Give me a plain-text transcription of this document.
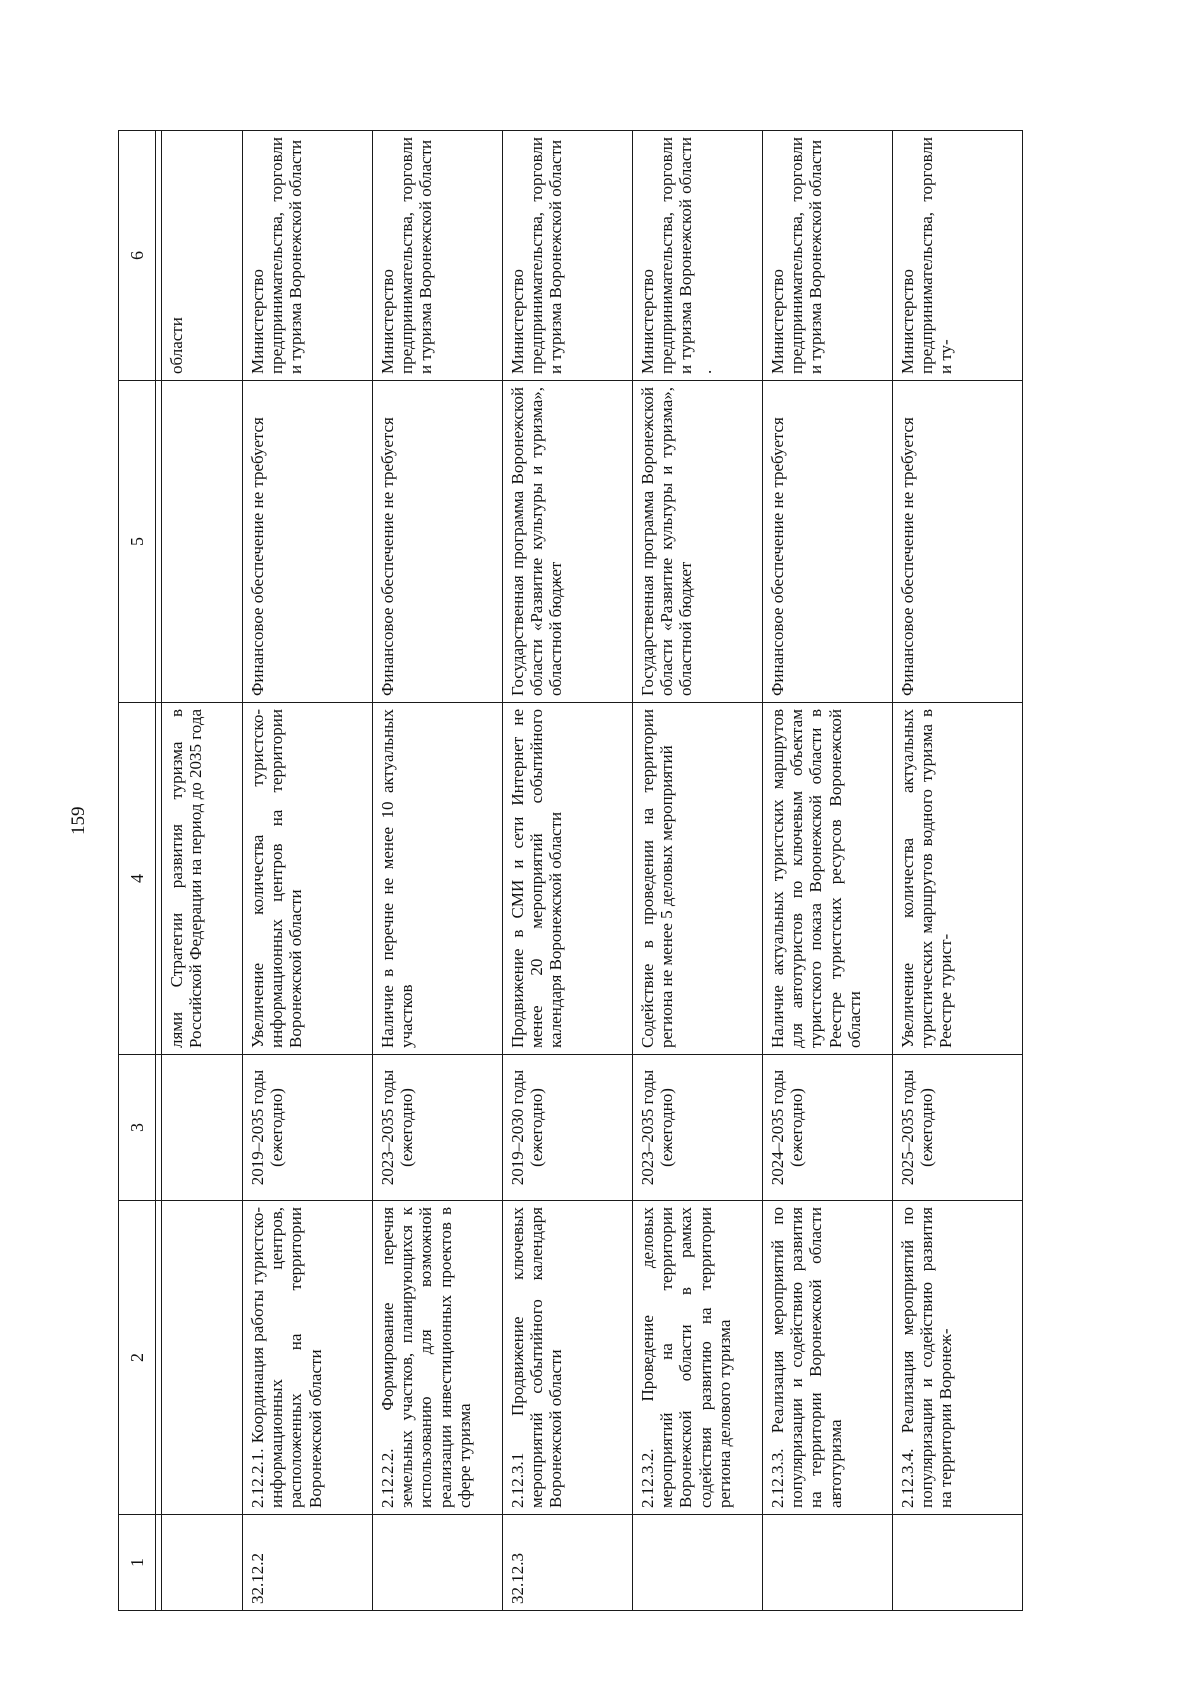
159
1	2	3	4	5	6

			лями Стратегии развития туризма в Российской Федерации на период до 2035 года		области
32.12.2	2.12.2.1. Координация работы туристско-информационных центров, расположенных на территории Воронежской области	2019–2035 годы (ежегодно)	Увеличение количества туристско-информационных центров на территории Воронежской области	Финансовое обеспечение не требуется	Министерство предпринимательства, торговли и туризма Воронежской области
	2.12.2.2. Формирование перечня земельных участков, планирующихся к использованию для возможной реализации инвестиционных проектов в сфере туризма	2023–2035 годы (ежегодно)	Наличие в перечне не менее 10 актуальных участков	Финансовое обеспечение не требуется	Министерство предпринимательства, торговли и туризма Воронежской области
32.12.3	2.12.3.1 Продвижение ключевых мероприятий событийного календаря Воронежской области	2019–2030 годы (ежегодно)	Продвижение в СМИ и сети Интернет не менее 20 мероприятий событийного календаря Воронежской области	Государственная программа Воронежской области «Развитие культуры и туризма», областной бюджет	Министерство предпринимательства, торговли и туризма Воронежской области
	2.12.3.2. Проведение деловых мероприятий на территории Воронежской области в рамках содействия развитию на территории региона делового туризма	2023–2035 годы (ежегодно)	Содействие в проведении на территории региона не менее 5 деловых мероприятий	Государственная программа Воронежской области «Развитие культуры и туризма», областной бюджет	Министерство предпринимательства, торговли и туризма Воронежской области .
	2.12.3.3. Реализация мероприятий по популяризации и содействию развития на территории Воронежской области автотуризма	2024–2035 годы (ежегодно)	Наличие актуальных туристских маршрутов для автотуристов по ключевым объектам туристского показа Воронежской области в Реестре туристских ресурсов Воронежской области	Финансовое обеспечение не требуется	Министерство предпринимательства, торговли и туризма Воронежской области
	2.12.3.4. Реализация мероприятий по популяризации и содействию развития на территории Воронеж-	2025–2035 годы (ежегодно)	Увеличение количества актуальных туристических маршрутов водного туризма в Реестре турист-	Финансовое обеспечение не требуется	Министерство предпринимательства, торговли и ту-
